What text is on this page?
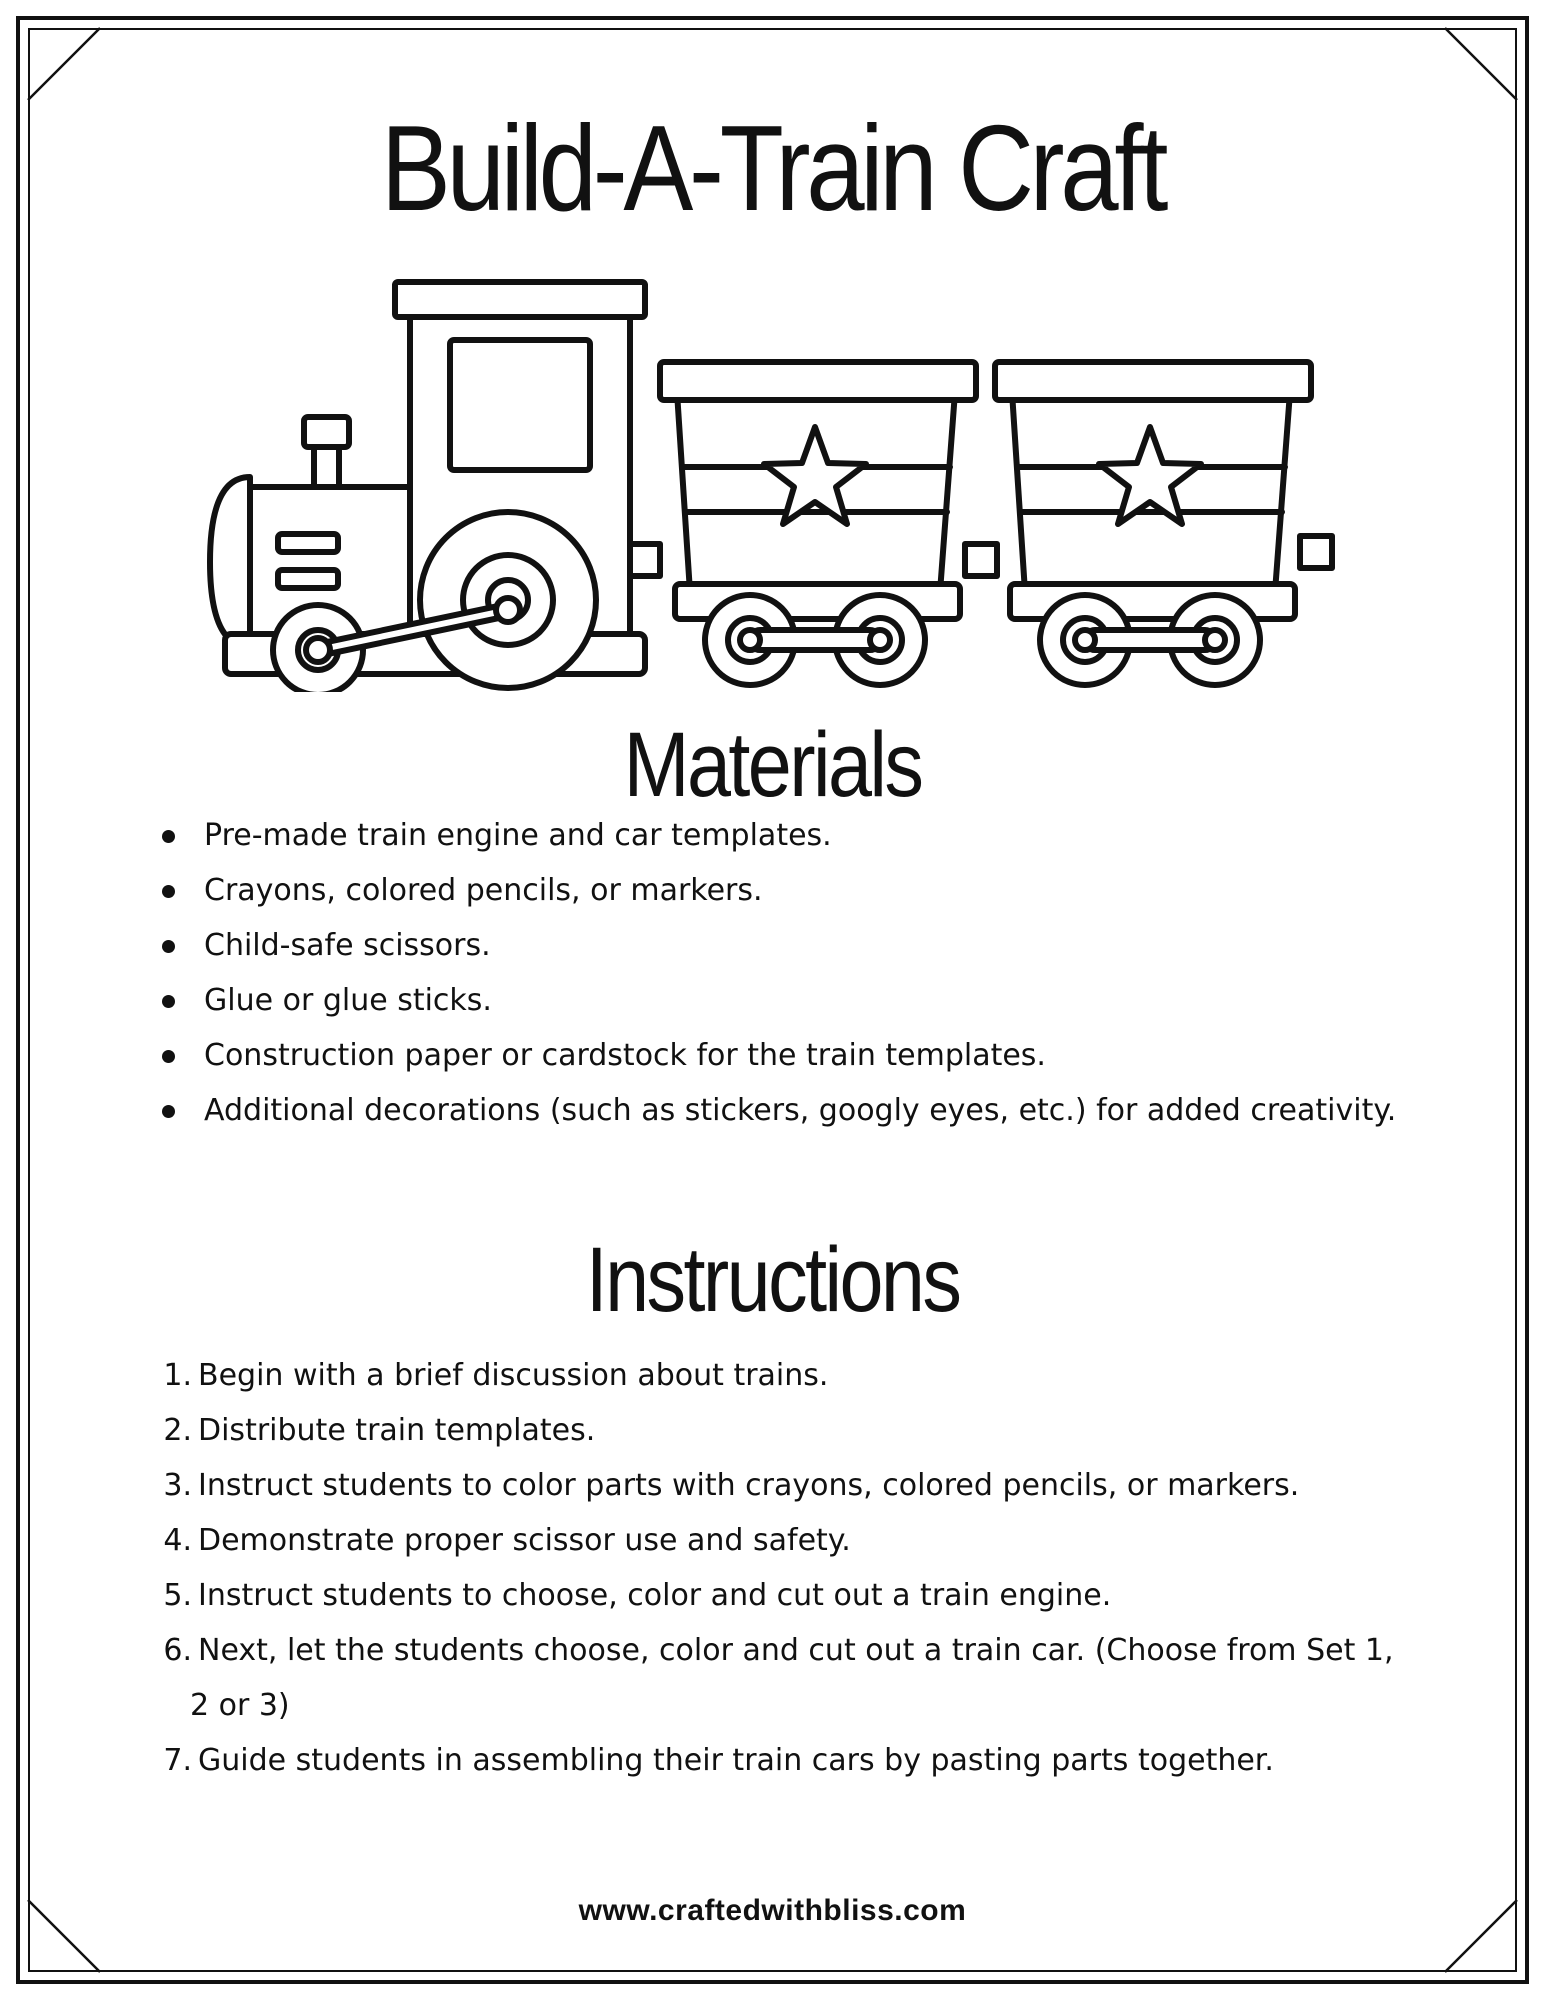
Build-A-Train Craft
Materials
Pre-made train engine and car templates.
Crayons, colored pencils, or markers.
Child-safe scissors.
Glue or glue sticks.
Construction paper or cardstock for the train templates.
Additional decorations (such as stickers, googly eyes, etc.) for added creativity.
Instructions
1. Begin with a brief discussion about trains.
2. Distribute train templates.
3. Instruct students to color parts with crayons, colored pencils, or markers.
4. Demonstrate proper scissor use and safety.
5. Instruct students to choose, color and cut out a train engine.
6. Next, let the students choose, color and cut out a train car. (Choose from Set 1,
2 or 3)
7. Guide students in assembling their train cars by pasting parts together.
www.craftedwithbliss.com
